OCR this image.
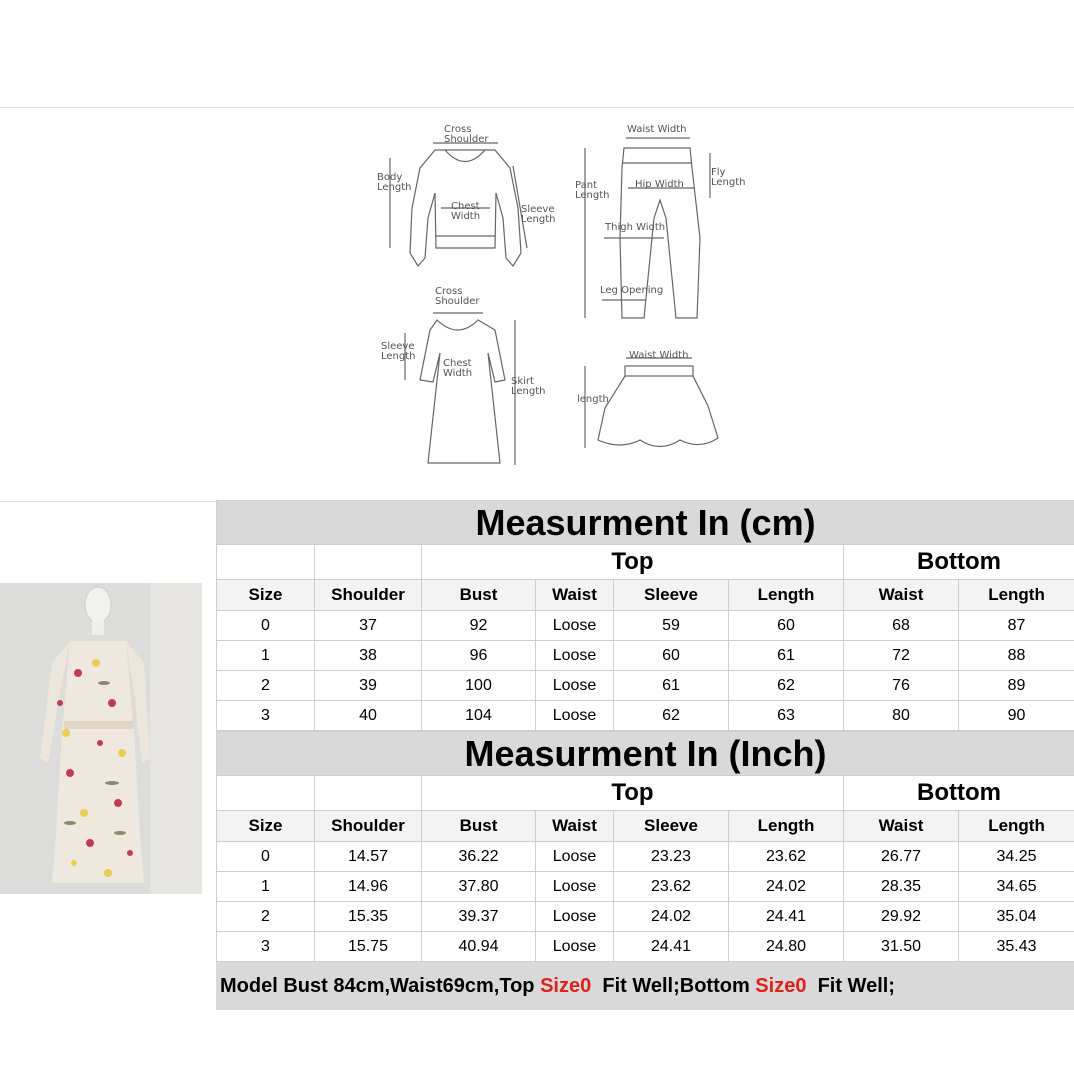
Cross
Shoulder
Body
Length
Chest
Width
Sleeve
Length
Waist Width
Pant
Length
Hip Width
Fly
Length
Thigh Width
Leg Opening
Cross
Shoulder
Sleeve
Length
Chest
Width
Skirt
Length
Waist Width
length
Measurment In (cm)							
		Top				Bottom	
Size	Shoulder	Bust	Waist	Sleeve	Length	Waist	Length
0	37	92	Loose	59	60	68	87
1	38	96	Loose	60	61	72	88
2	39	100	Loose	61	62	76	89
3	40	104	Loose	62	63	80	90
Measurment In (Inch)							
		Top				Bottom	
Size	Shoulder	Bust	Waist	Sleeve	Length	Waist	Length
0	14.57	36.22	Loose	23.23	23.62	26.77	34.25
1	14.96	37.80	Loose	23.62	24.02	28.35	34.65
2	15.35	39.37	Loose	24.02	24.41	29.92	35.04
3	15.75	40.94	Loose	24.41	24.80	31.50	35.43
Model Bust 84cm,Waist69cm,Top Size0  Fit Well;Bottom Size0  Fit Well;
